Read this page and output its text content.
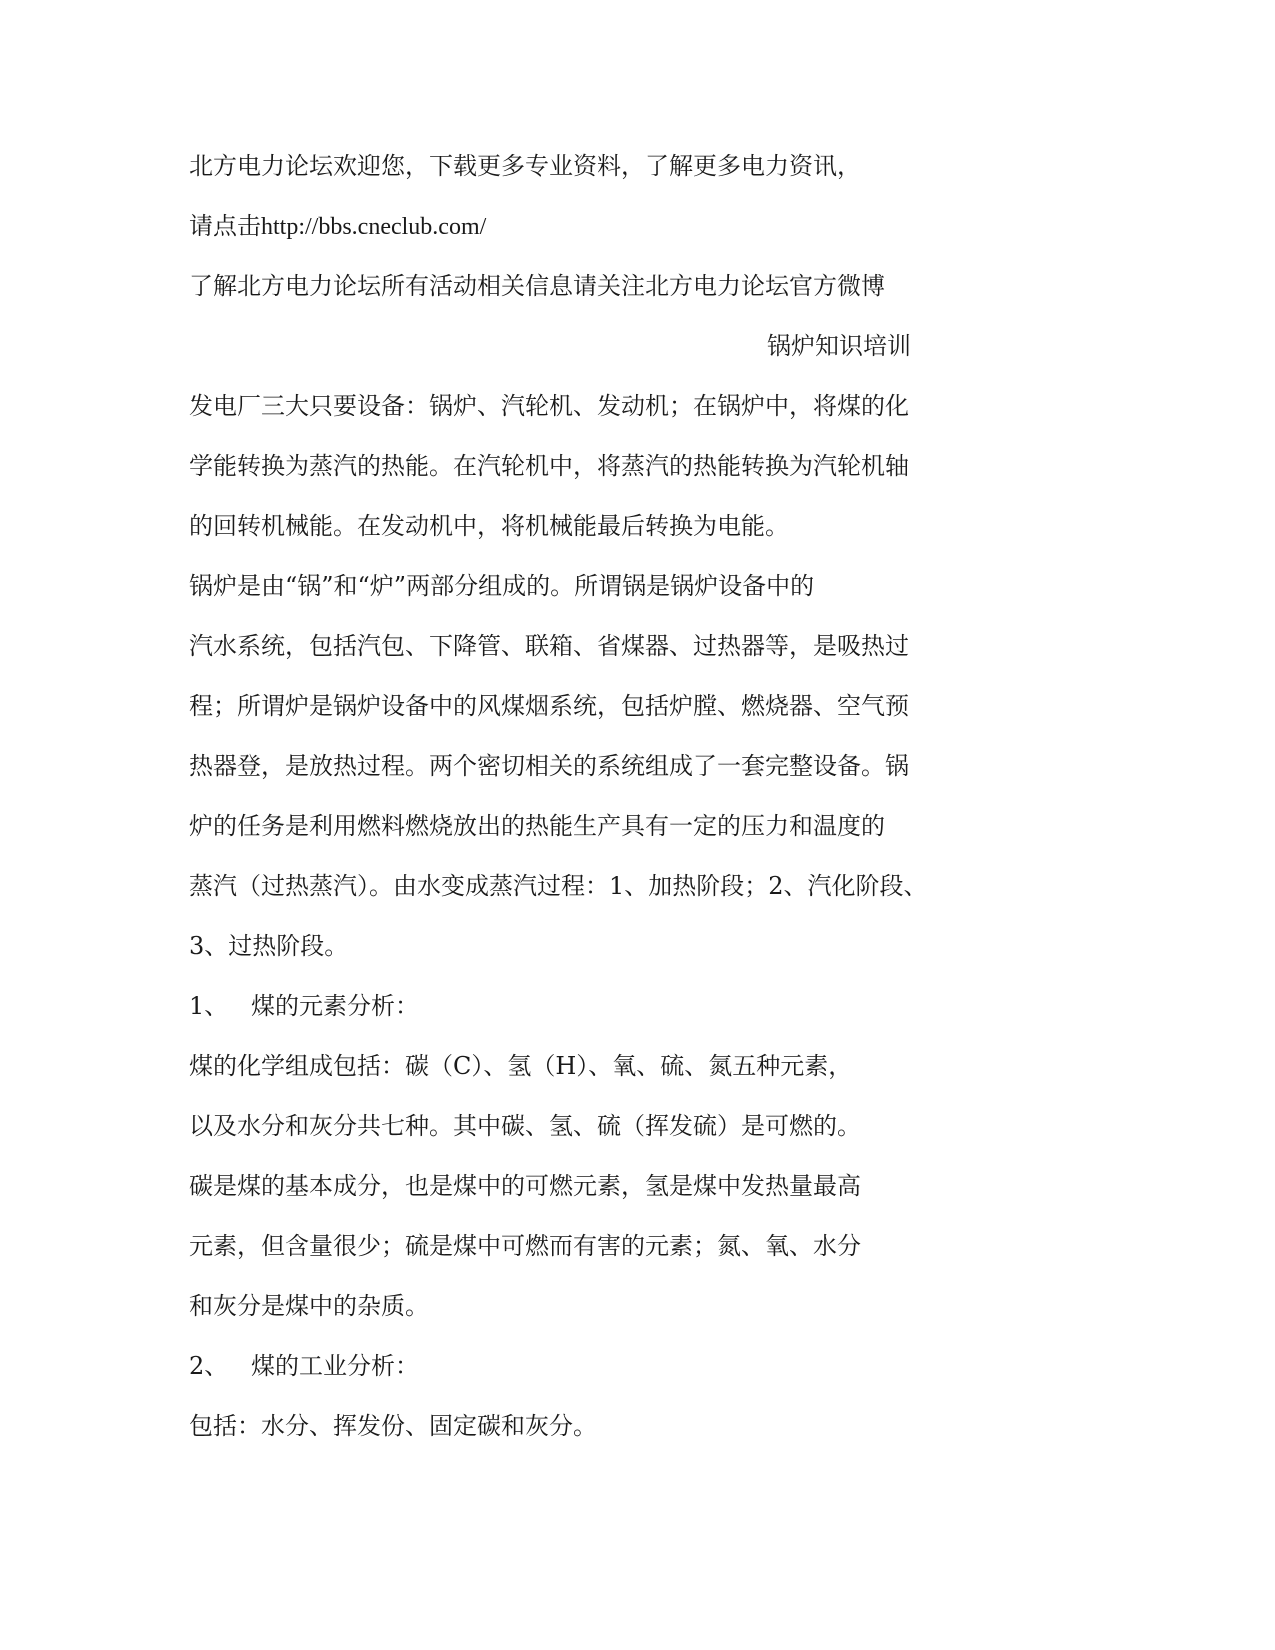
北方电力论坛欢迎您，下载更多专业资料，了解更多电力资讯，
请点击http://bbs.cneclub.com/
了解北方电力论坛所有活动相关信息请关注北方电力论坛官方微博
锅炉知识培训
发电厂三大只要设备：锅炉、汽轮机、发动机；在锅炉中，将煤的化
学能转换为蒸汽的热能。在汽轮机中，将蒸汽的热能转换为汽轮机轴
的回转机械能。在发动机中，将机械能最后转换为电能。
锅炉是由“锅”和“炉”两部分组成的。所谓锅是锅炉设备中的
汽水系统，包括汽包、下降管、联箱、省煤器、过热器等，是吸热过
程；所谓炉是锅炉设备中的风煤烟系统，包括炉膛、燃烧器、空气预
热器登，是放热过程。两个密切相关的系统组成了一套完整设备。锅
炉的任务是利用燃料燃烧放出的热能生产具有一定的压力和温度的
蒸汽（过热蒸汽）。由水变成蒸汽过程：1、加热阶段；2、汽化阶段、
3、过热阶段。
1、 煤的元素分析：
煤的化学组成包括：碳（C）、氢（H）、氧、硫、氮五种元素，
以及水分和灰分共七种。其中碳、氢、硫（挥发硫）是可燃的。
碳是煤的基本成分，也是煤中的可燃元素，氢是煤中发热量最高
元素，但含量很少；硫是煤中可燃而有害的元素；氮、氧、水分
和灰分是煤中的杂质。
2、 煤的工业分析：
包括：水分、挥发份、固定碳和灰分。
